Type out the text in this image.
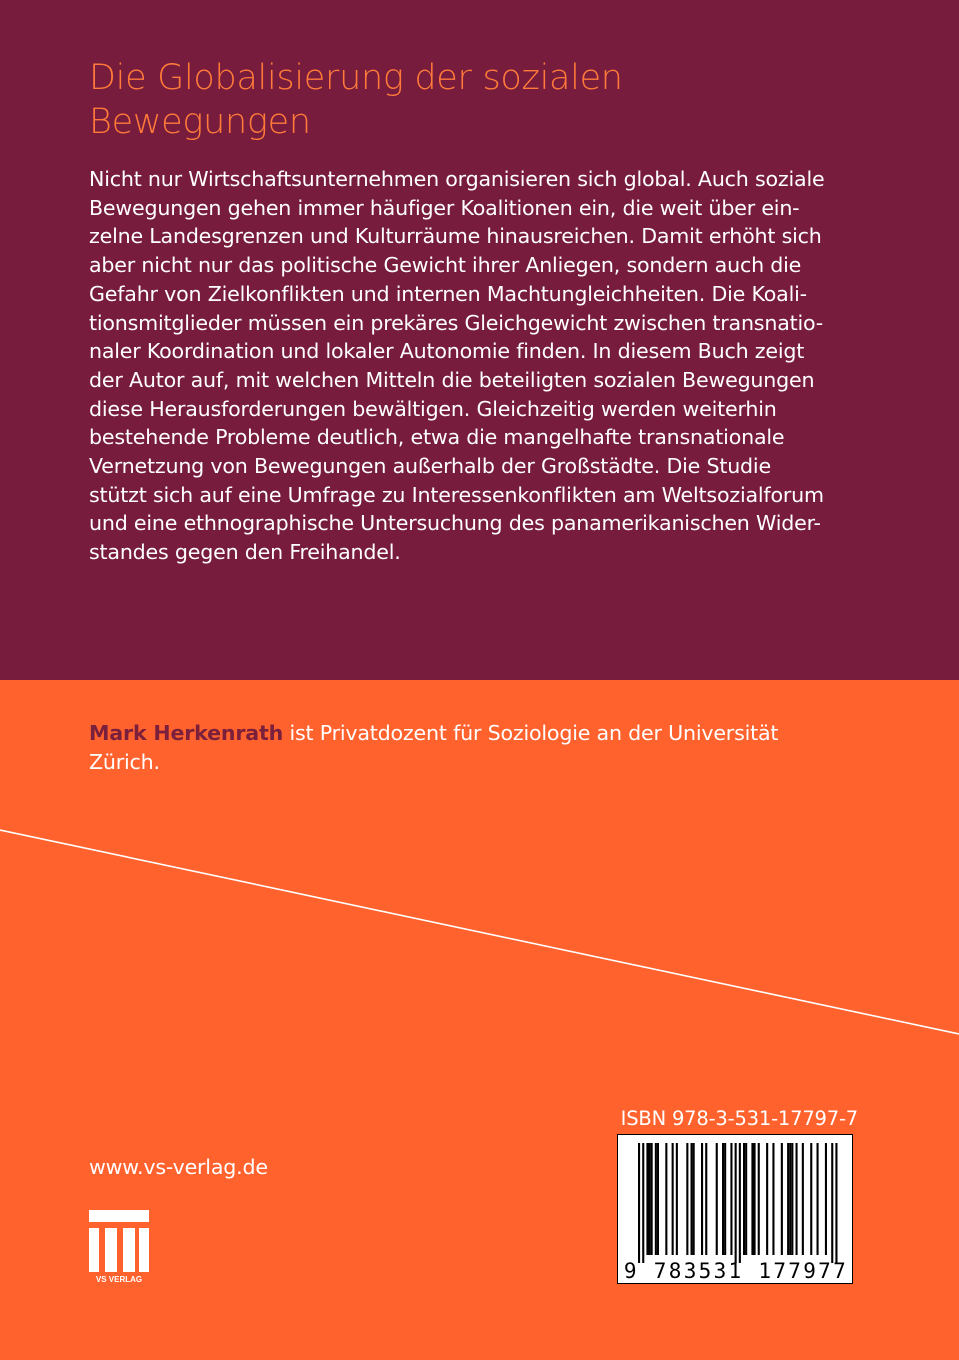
Die Globalisierung der sozialen
Bewegungen
Nicht nur Wirtschaftsunternehmen organisieren sich global. Auch soziale
Bewegungen gehen immer häufiger Koalitionen ein, die weit über ein-
zelne Landesgrenzen und Kulturräume hinausreichen. Damit erhöht sich
aber nicht nur das politische Gewicht ihrer Anliegen, sondern auch die
Gefahr von Zielkonflikten und internen Machtungleichheiten. Die Koali-
tionsmitglieder müssen ein prekäres Gleichgewicht zwischen transnatio-
naler Koordination und lokaler Autonomie finden. In diesem Buch zeigt
der Autor auf, mit welchen Mitteln die beteiligten sozialen Bewegungen
diese Herausforderungen bewältigen. Gleichzeitig werden weiterhin
bestehende Probleme deutlich, etwa die mangelhafte transnationale
Vernetzung von Bewegungen außerhalb der Großstädte. Die Studie
stützt sich auf eine Umfrage zu Interessenkonflikten am Weltsozialforum
und eine ethnographische Untersuchung des panamerikanischen Wider-
standes gegen den Freihandel.
Mark Herkenrath ist Privatdozent für Soziologie an der Universität Zürich.
www.vs-verlag.de
VS VERLAG
ISBN 978-3-531-17797-7
9 783531 177977
